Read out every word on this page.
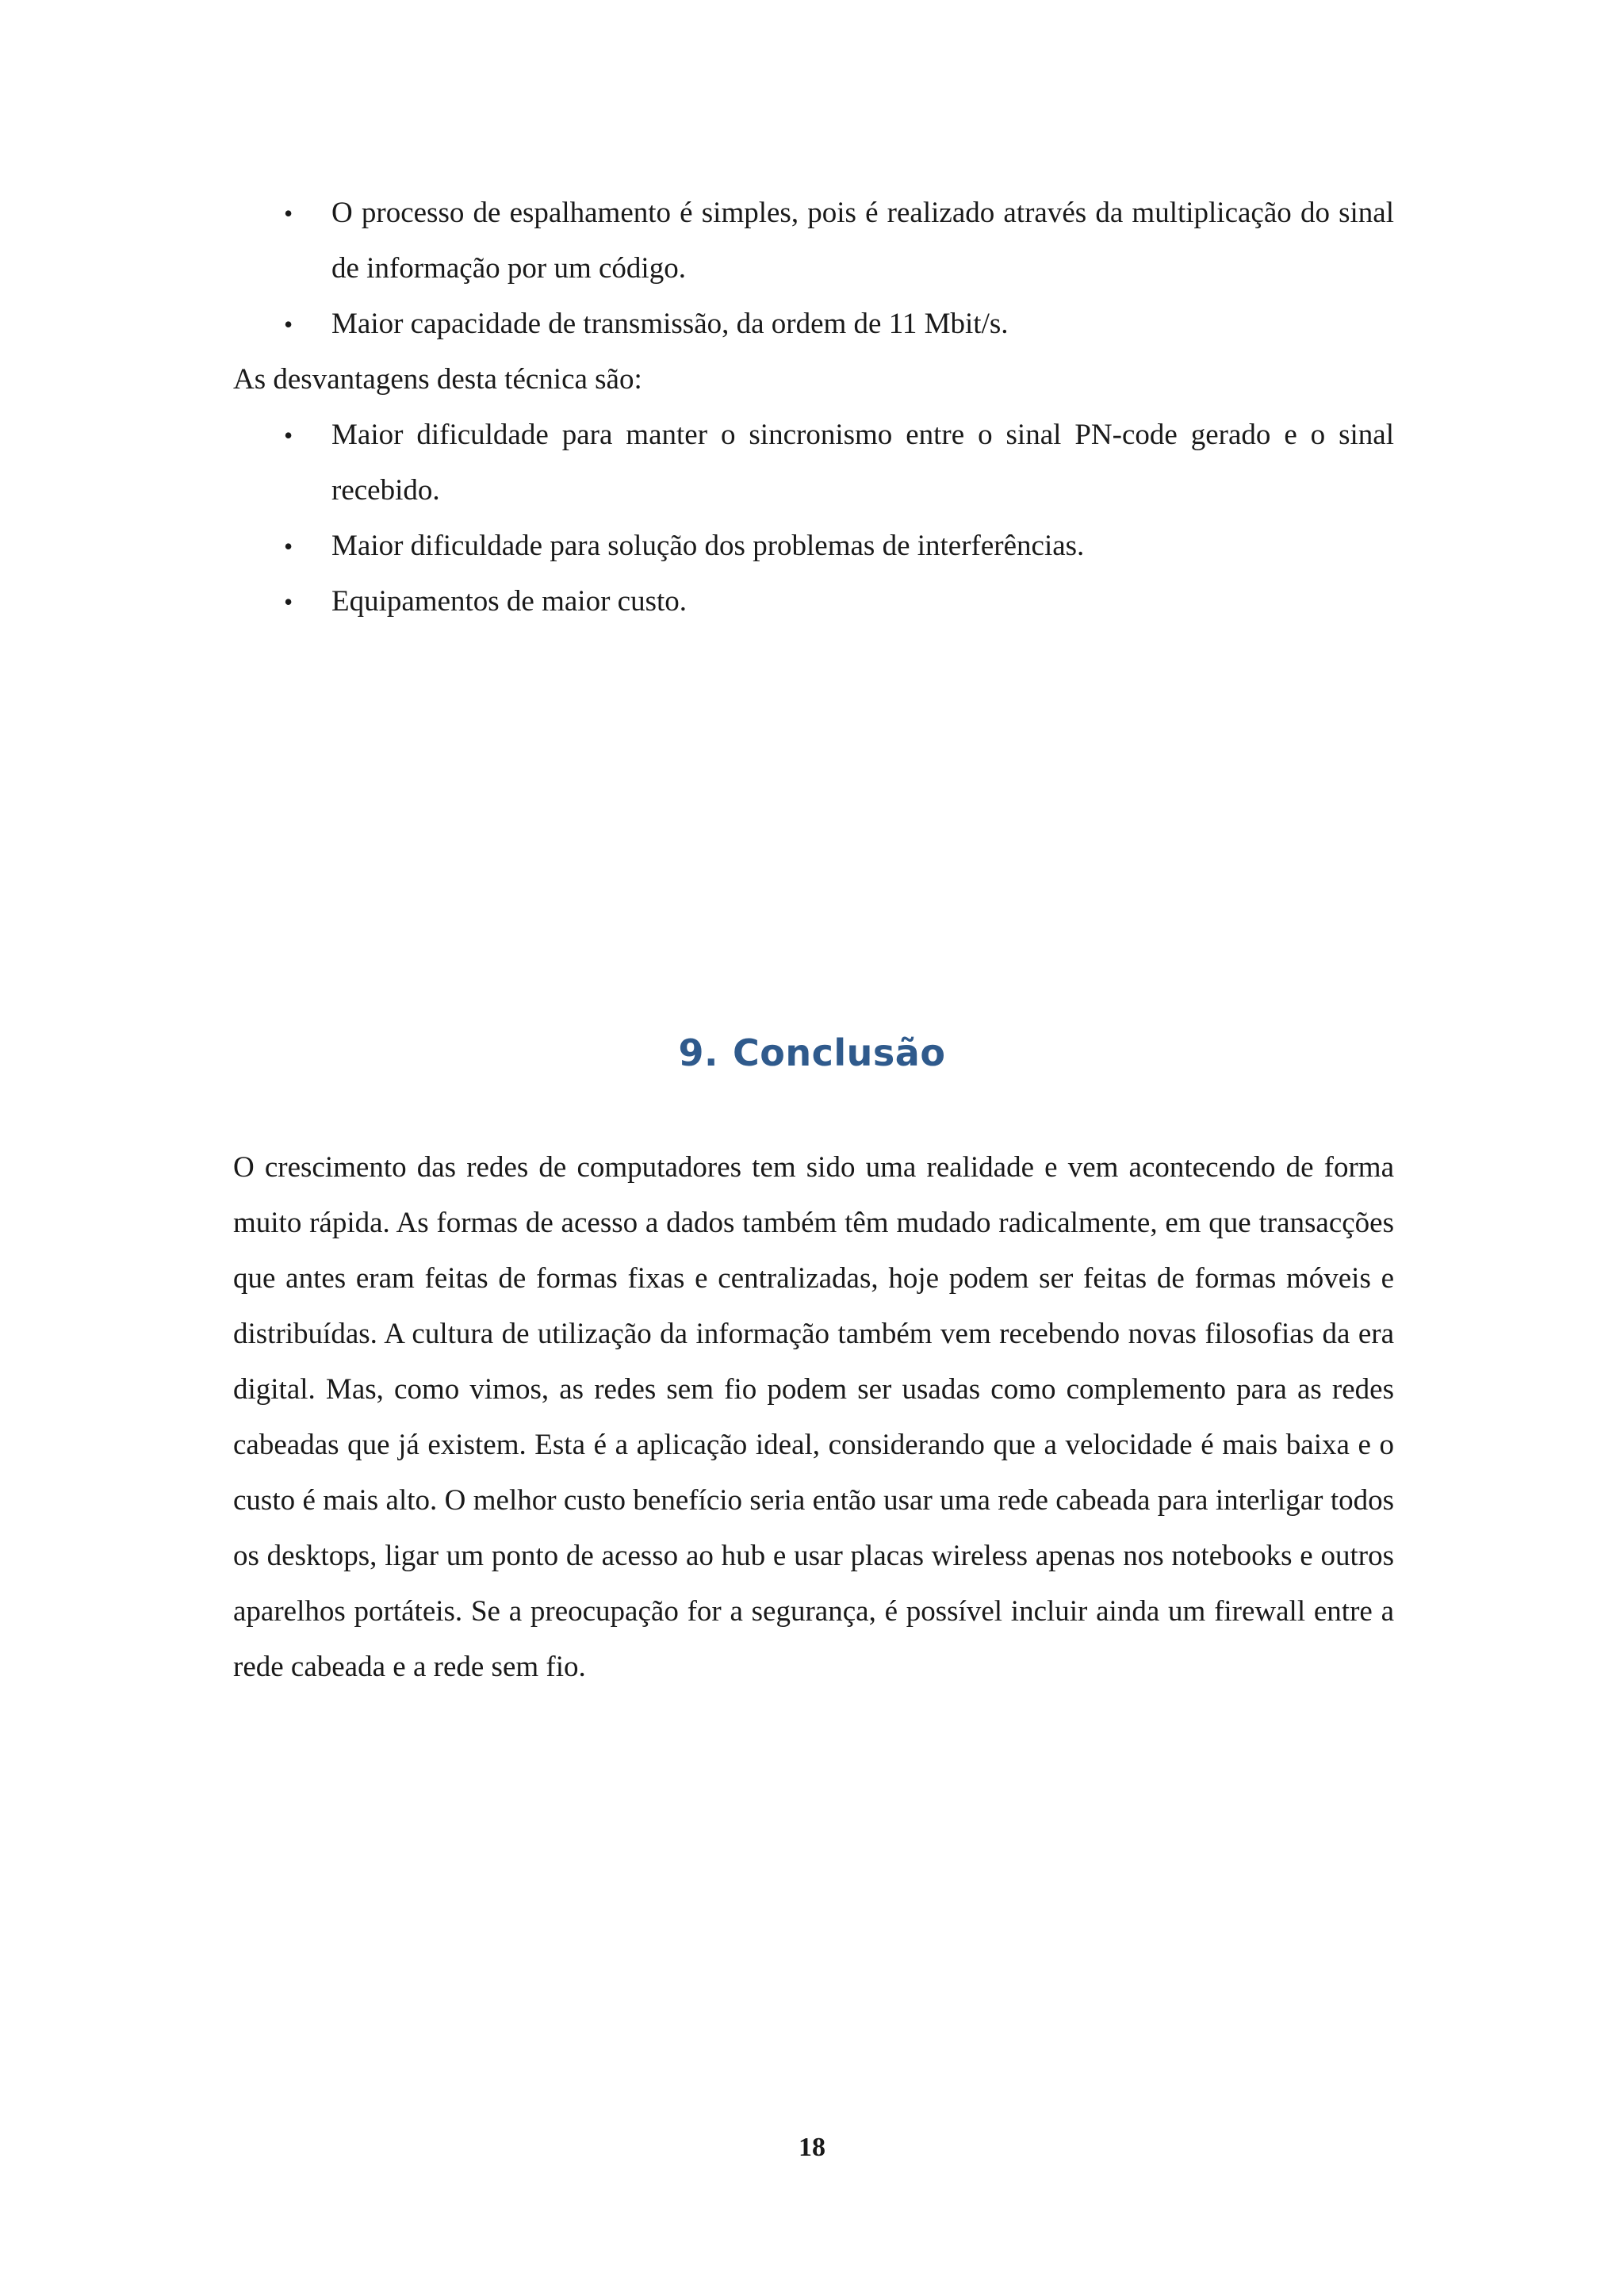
• O processo de espalhamento é simples, pois é realizado através da multiplicação do sinal de informação por um código.
• Maior capacidade de transmissão, da ordem de 11 Mbit/s.

As desvantagens desta técnica são:

• Maior dificuldade para manter o sincronismo entre o sinal PN-code gerado e o sinal recebido.
• Maior dificuldade para solução dos problemas de interferências.
• Equipamentos de maior custo.
9. Conclusão

O crescimento das redes de computadores tem sido uma realidade e vem acontecendo de forma muito rápida. As formas de acesso a dados também têm mudado radicalmente, em que transacções que antes eram feitas de formas fixas e centralizadas, hoje podem ser feitas de formas móveis e distribuídas. A cultura de utilização da informação também vem recebendo novas filosofias da era digital. Mas, como vimos, as redes sem fio podem ser usadas como complemento para as redes cabeadas que já existem. Esta é a aplicação ideal, considerando que a velocidade é mais baixa e o custo é mais alto. O melhor custo benefício seria então usar uma rede cabeada para interligar todos os desktops, ligar um ponto de acesso ao hub e usar placas wireless apenas nos notebooks e outros aparelhos portáteis. Se a preocupação for a segurança, é possível incluir ainda um firewall entre a rede cabeada e a rede sem fio.

18
